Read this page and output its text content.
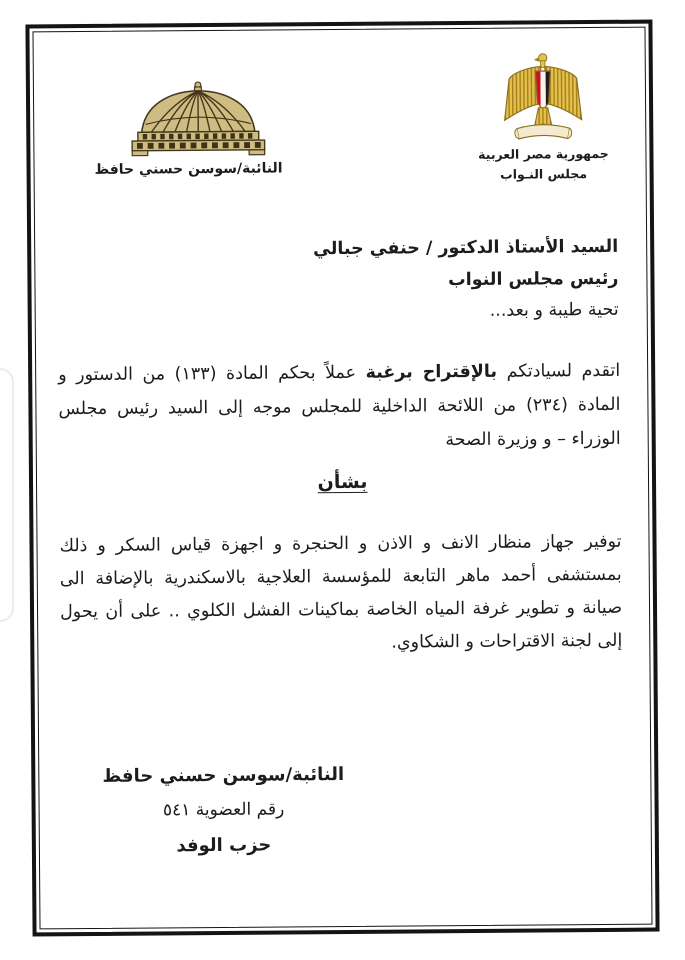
النائبة/سوسن حسني حافظ
جمهورية مصر العربية
مجلس النـواب
السيد الأستاذ الدكتور / حنفي جبالي
رئيس مجلس النواب
تحية طيبة و بعد...

اتقدم لسيادتكم بالإقتراح برغبة عملاً بحكم المادة (١٣٣) من الدستور و المادة (٢٣٤) من اللائحة الداخلية للمجلس موجه إلى السيد رئيس مجلس الوزراء – و وزيرة الصحة

بشأن

توفير جهاز منظار الانف و الاذن و الحنجرة و اجهزة قياس السكر و ذلك بمستشفى أحمد ماهر التابعة للمؤسسة العلاجية بالاسكندرية بالإضافة الى صيانة و تطوير غرفة المياه الخاصة بماكينات الفشل الكلوي .. على أن يحول إلى لجنة الاقتراحات و الشكاوي.

النائبة/سوسن حسني حافظ
رقم العضوية ٥٤١
حزب الوفد
